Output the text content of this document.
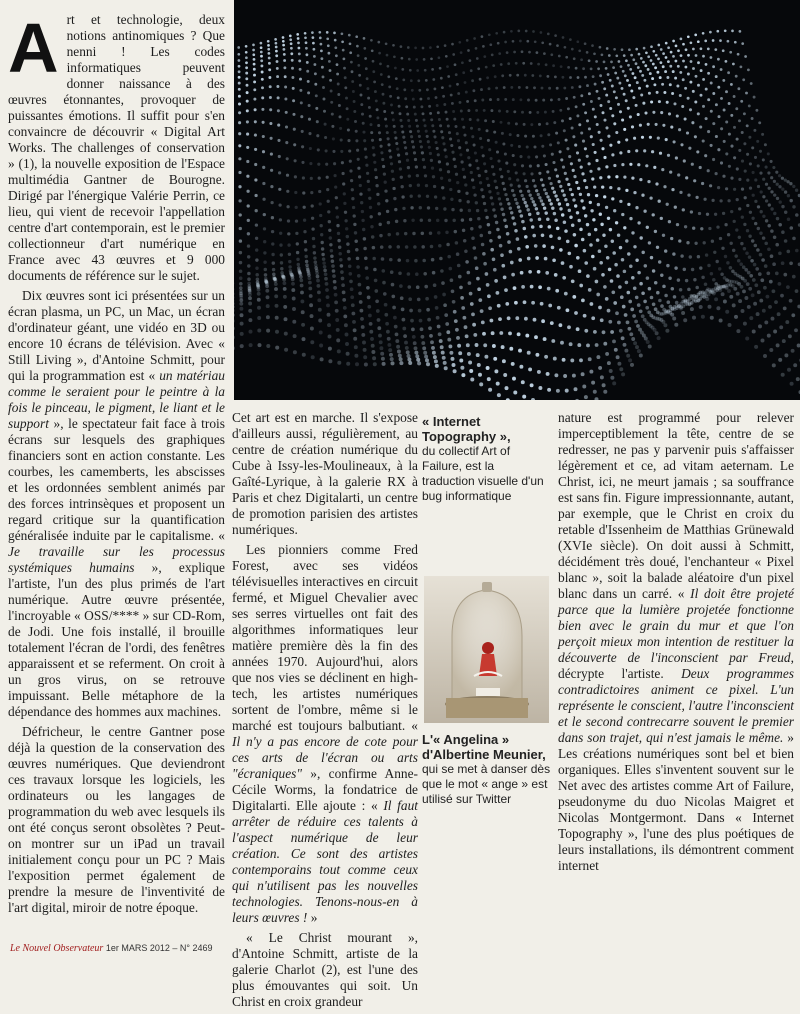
Art et technologie, deux notions antinomiques ? Que nenni ! Les codes informatiques peuvent donner naissance à des œuvres étonnantes, provoquer de puissantes émotions. Il suffit pour s'en convaincre de découvrir « Digital Art Works. The challenges of conservation » (1), la nouvelle exposition de l'Espace multimédia Gantner de Bourogne. Dirigé par l'énergique Valérie Perrin, ce lieu, qui vient de recevoir l'appellation centre d'art contemporain, est le premier collectionneur d'art numérique en France avec 43 œuvres et 9 000 documents de référence sur le sujet.

Dix œuvres sont ici présentées sur un écran plasma, un PC, un Mac, un écran d'ordinateur géant, une vidéo en 3D ou encore 10 écrans de télévision. Avec « Still Living », d'Antoine Schmitt, pour qui la programmation est « un matériau comme le seraient pour le peintre à la fois le pinceau, le pigment, le liant et le support », le spectateur fait face à trois écrans sur lesquels des graphiques financiers sont en action constante. Les courbes, les camemberts, les abscisses et les ordonnées semblent animés par des forces intrinsèques et proposent un regard critique sur la quantification généralisée induite par le capitalisme. « Je travaille sur les processus systémiques humains », explique l'artiste, l'un des plus primés de l'art numérique. Autre œuvre présentée, l'incroyable « OSS/**** » sur CD-Rom, de Jodi. Une fois installé, il brouille totalement l'écran de l'ordi, des fenêtres apparaissent et se referment. On croit à un gros virus, on se retrouve impuissant. Belle métaphore de la dépendance des hommes aux machines.

Défricheur, le centre Gantner pose déjà la question de la conservation des œuvres numériques. Que deviendront ces travaux lorsque les logiciels, les ordinateurs ou les langages de programmation du web avec lesquels ils ont été conçus seront obsolètes ? Peut-on montrer sur un iPad un travail initialement conçu pour un PC ? Mais l'exposition permet également de prendre la mesure de l'inventivité de l'art digital, miroir de notre époque.

Cet art est en marche. Il s'expose d'ailleurs aussi, régulièrement, au centre de création numérique du Cube à Issy-les-Moulineaux, à la Gaîté-Lyrique, à la galerie RX à Paris et chez Digitalarti, un centre de promotion parisien des artistes numériques.

Les pionniers comme Fred Forest, avec ses vidéos télévisuelles interactives en circuit fermé, et Miguel Chevalier avec ses serres virtuelles ont fait des algorithmes informatiques leur matière première dès la fin des années 1970. Aujourd'hui, alors que nos vies se déclinent en high-tech, les artistes numériques sortent de l'ombre, même si le marché est toujours balbutiant. « Il n'y a pas encore de cote pour ces arts de l'écran ou arts "écraniques" », confirme Anne-Cécile Worms, la fondatrice de Digitalarti. Elle ajoute : « Il faut arrêter de réduire ces talents à l'aspect numérique de leur création. Ce sont des artistes contemporains tout comme ceux qui n'utilisent pas les nouvelles technologies. Tenons-nous-en à leurs œuvres ! »

« Le Christ mourant », d'Antoine Schmitt, artiste de la galerie Charlot (2), est l'une des plus émouvantes qui soit. Un Christ en croix grandeur

« Internet Topography »,
du collectif Art of Failure, est la traduction visuelle d'un bug informatique
L'« Angelina » d'Albertine Meunier,
qui se met à danser dès que le mot « ange » est utilisé sur Twitter

nature est programmé pour relever imperceptiblement la tête, centre de se redresser, ne pas y parvenir puis s'affaisser légèrement et ce, ad vitam aeternam. Le Christ, ici, ne meurt jamais ; sa souffrance est sans fin. Figure impressionnante, autant, par exemple, que le Christ en croix du retable d'Issenheim de Matthias Grünewald (XVIe siècle). On doit aussi à Schmitt, décidément très doué, l'enchanteur « Pixel blanc », soit la balade aléatoire d'un pixel blanc dans un carré. « Il doit être projeté parce que la lumière projetée fonctionne bien avec le grain du mur et que l'on perçoit mieux mon intention de restituer la découverte de l'inconscient par Freud, décrypte l'artiste. Deux programmes contradictoires animent ce pixel. L'un représente le conscient, l'autre l'inconscient et le second contrecarre souvent le premier dans son trajet, qui n'est jamais le même. » Les créations numériques sont bel et bien organiques. Elles s'inventent souvent sur le Net avec des artistes comme Art of Failure, pseudonyme du duo Nicolas Maigret et Nicolas Montgermont. Dans « Internet Topography », l'une des plus poétiques de leurs installations, ils démontrent comment internet

Le Nouvel Observateur 1er MARS 2012 – N° 2469
